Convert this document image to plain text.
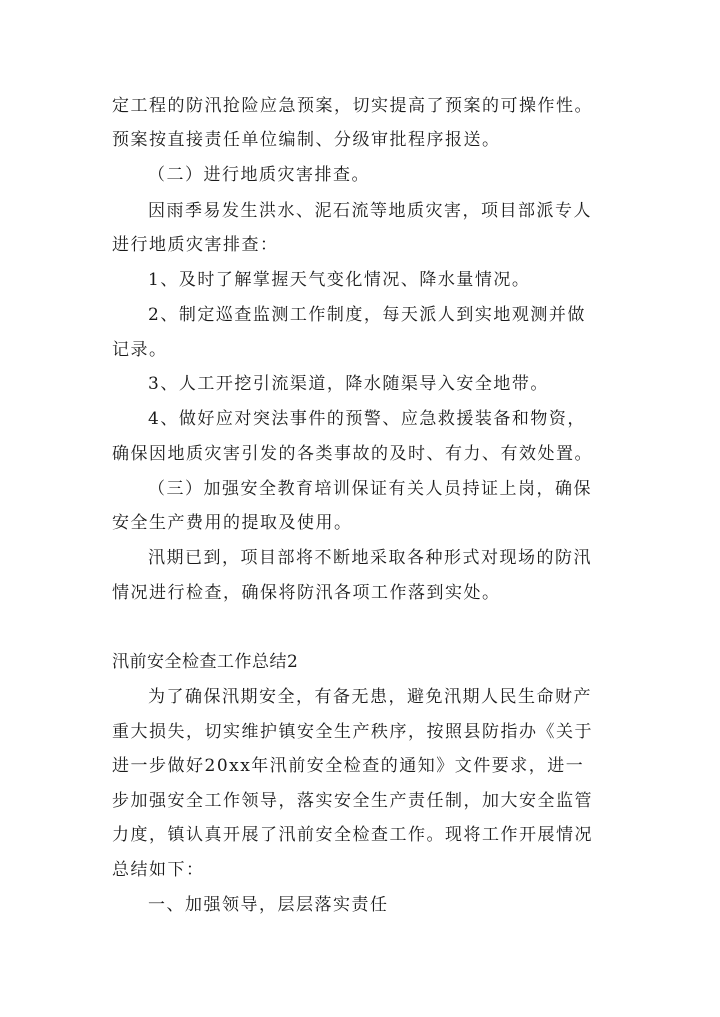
定工程的防汛抢险应急预案，切实提高了预案的可操作性。
预案按直接责任单位编制、分级审批程序报送。
（二）进行地质灾害排查。
因雨季易发生洪水、泥石流等地质灾害，项目部派专人
进行地质灾害排查：
1、及时了解掌握天气变化情况、降水量情况。
2、制定巡查监测工作制度，每天派人到实地观测并做
记录。
3、人工开挖引流渠道，降水随渠导入安全地带。
4、做好应对突法事件的预警、应急救援装备和物资，
确保因地质灾害引发的各类事故的及时、有力、有效处置。
（三）加强安全教育培训保证有关人员持证上岗，确保
安全生产费用的提取及使用。
汛期已到，项目部将不断地采取各种形式对现场的防汛
情况进行检查，确保将防汛各项工作落到实处。
汛前安全检查工作总结2
为了确保汛期安全，有备无患，避免汛期人民生命财产
重大损失，切实维护镇安全生产秩序，按照县防指办《关于
进一步做好20xx年汛前安全检查的通知》文件要求，进一
步加强安全工作领导，落实安全生产责任制，加大安全监管
力度，镇认真开展了汛前安全检查工作。现将工作开展情况
总结如下：
一、加强领导，层层落实责任
